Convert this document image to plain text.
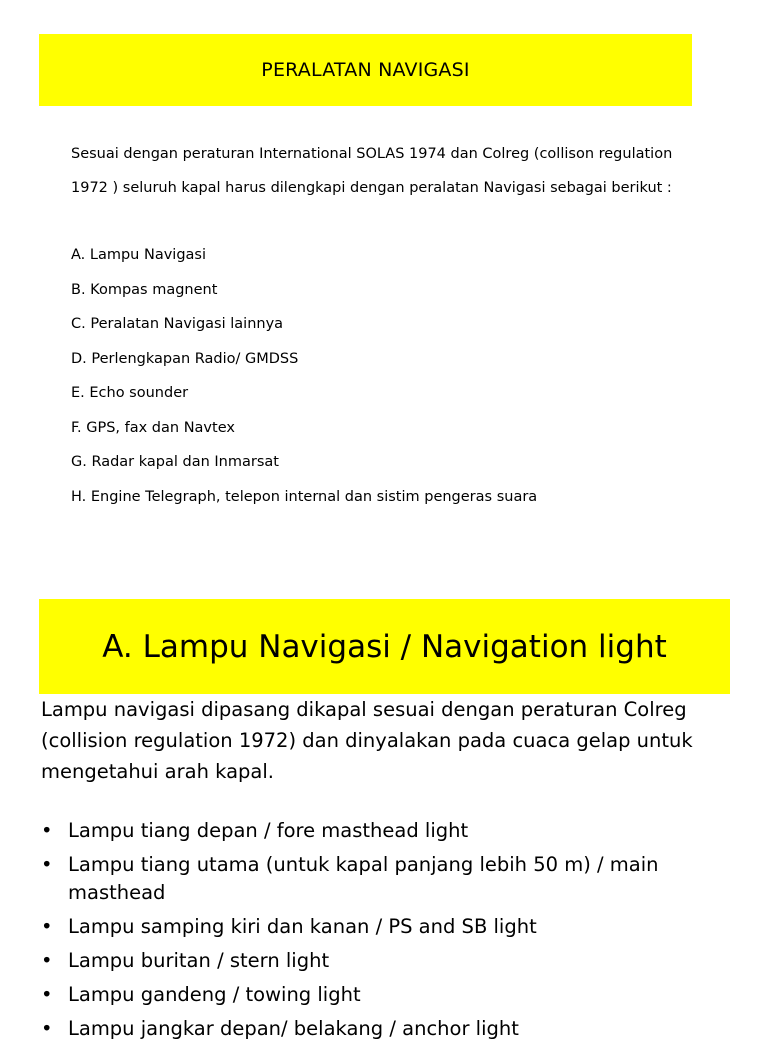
PERALATAN NAVIGASI
Sesuai dengan peraturan International SOLAS 1974 dan Colreg (collison regulation
1972 ) seluruh kapal harus dilengkapi dengan peralatan Navigasi sebagai berikut :
A. Lampu Navigasi
B. Kompas magnent
C. Peralatan Navigasi lainnya
D. Perlengkapan Radio/ GMDSS
E. Echo sounder
F. GPS, fax dan Navtex
G. Radar kapal dan Inmarsat
H. Engine Telegraph, telepon internal dan sistim pengeras suara
A. Lampu Navigasi / Navigation light
Lampu navigasi dipasang dikapal sesuai dengan peraturan Colreg (collision regulation 1972) dan dinyalakan pada cuaca gelap untuk mengetahui arah kapal.
• Lampu tiang depan / fore masthead light
• Lampu tiang utama (untuk kapal panjang lebih 50 m) / main masthead
• Lampu samping kiri dan kanan / PS and SB light
• Lampu buritan / stern light
• Lampu gandeng / towing light
• Lampu jangkar depan/ belakang / anchor light
